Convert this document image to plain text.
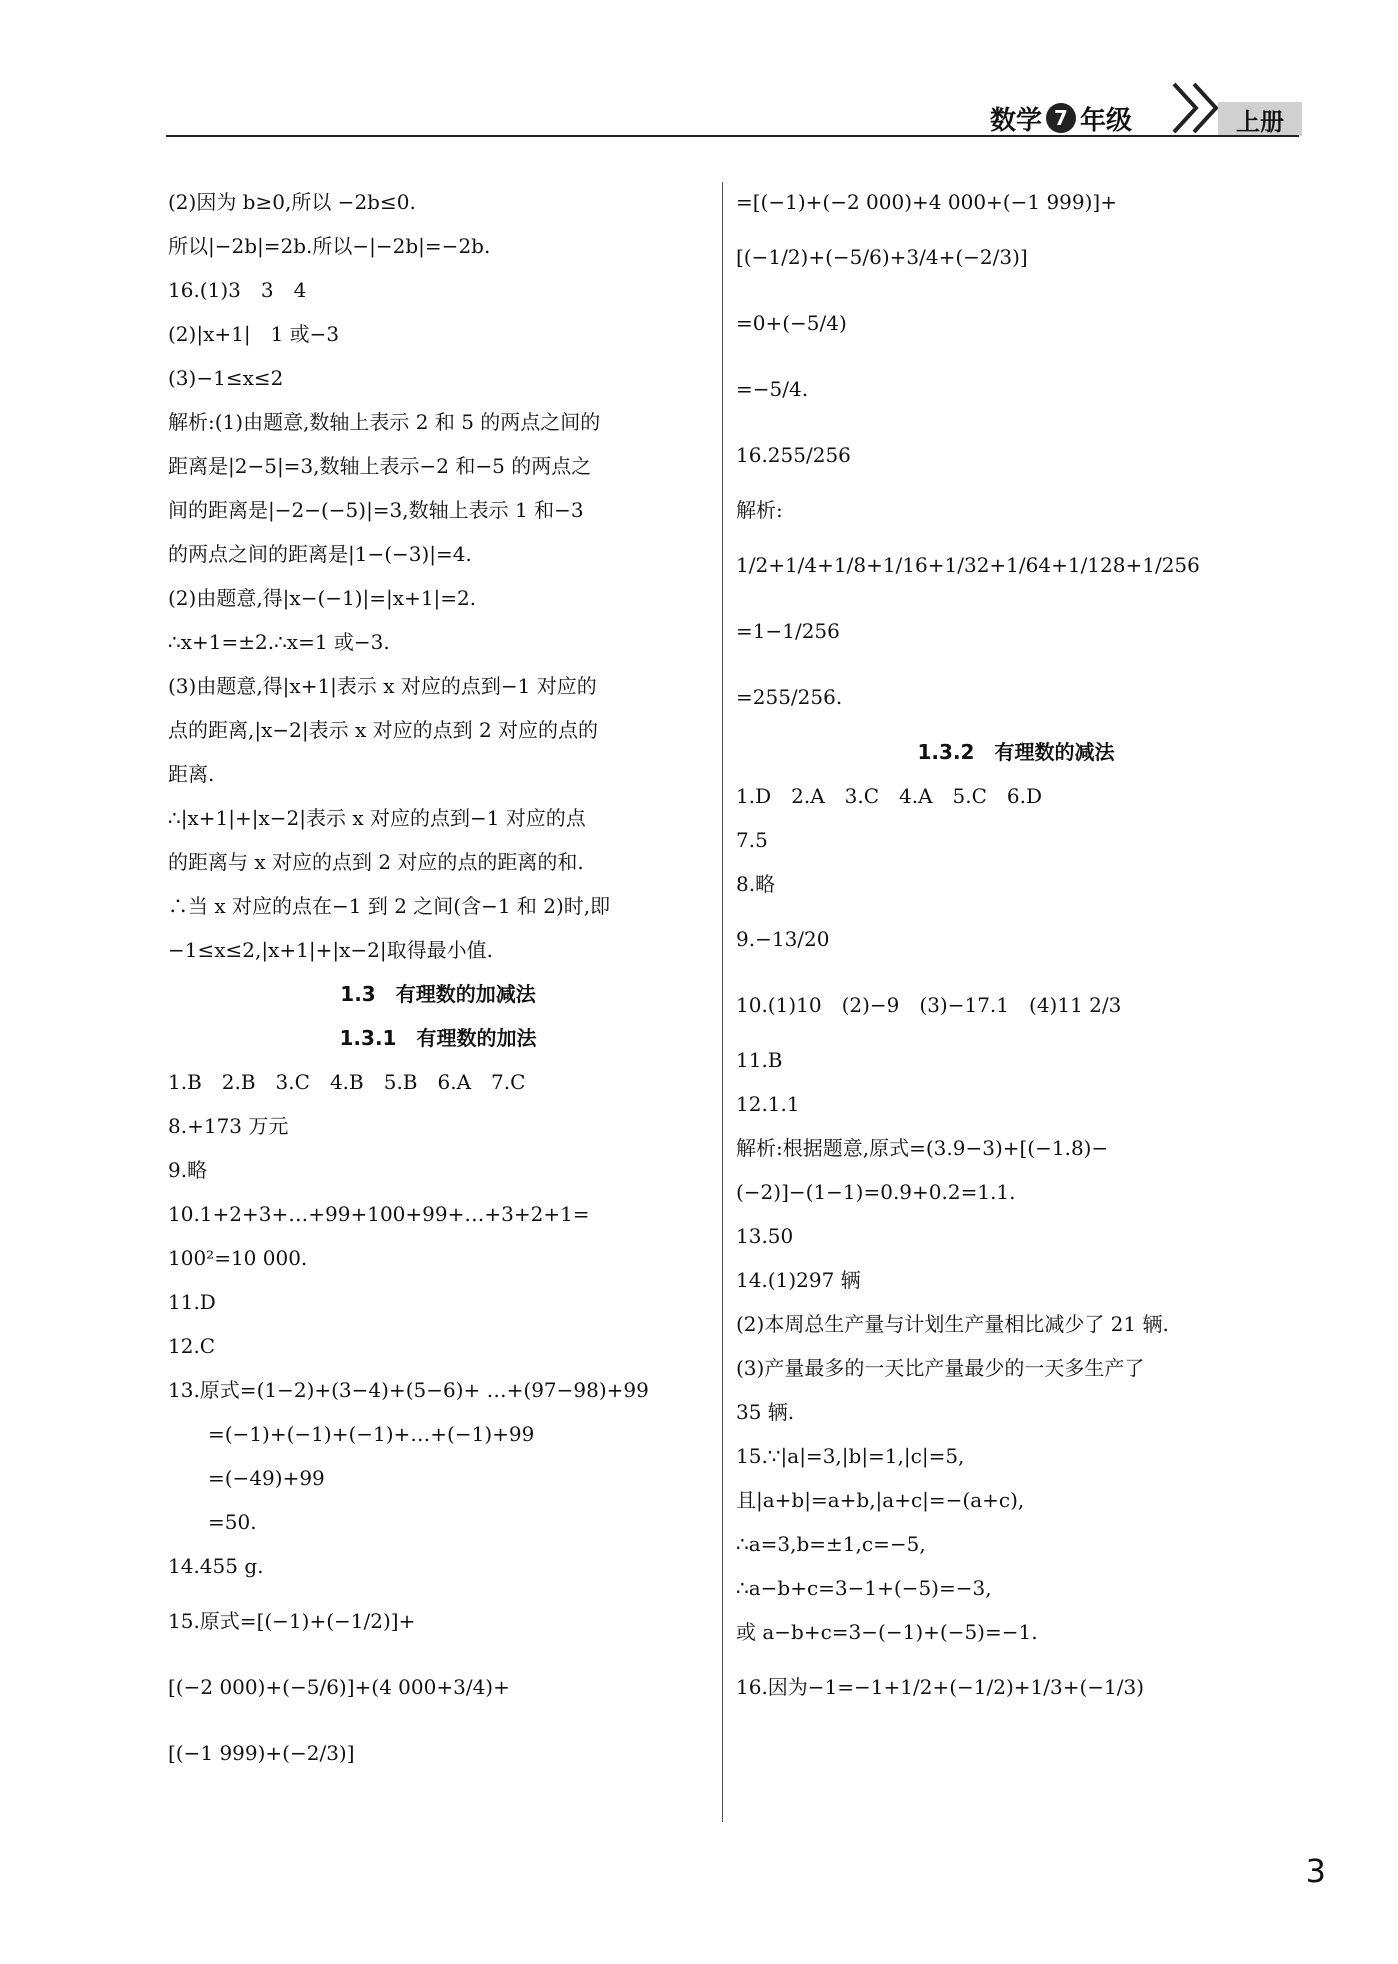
数学 7 年级	上册
(2)因为 b≥0,所以 −2b≤0.
所以|−2b|=2b.所以−|−2b|=−2b.
16.(1)3　3　4
(2)|x+1|　1 或−3
(3)−1≤x≤2
解析:(1)由题意,数轴上表示 2 和 5 的两点之间的
距离是|2−5|=3,数轴上表示−2 和−5 的两点之
间的距离是|−2−(−5)|=3,数轴上表示 1 和−3
的两点之间的距离是|1−(−3)|=4.
(2)由题意,得|x−(−1)|=|x+1|=2.
∴x+1=±2.∴x=1 或−3.
(3)由题意,得|x+1|表示 x 对应的点到−1 对应的
点的距离,|x−2|表示 x 对应的点到 2 对应的点的
距离.
∴|x+1|+|x−2|表示 x 对应的点到−1 对应的点
的距离与 x 对应的点到 2 对应的点的距离的和.
∴当 x 对应的点在−1 到 2 之间(含−1 和 2)时,即
−1≤x≤2,|x+1|+|x−2|取得最小值.
1.3　有理数的加减法
1.3.1　有理数的加法
1.B　2.B　3.C　4.B　5.B　6.A　7.C
8.+173 万元
9.略
10.1+2+3+…+99+100+99+…+3+2+1=
100²=10 000.
11.D
12.C
13.原式=(1−2)+(3−4)+(5−6)+ …+(97−98)+99
　　=(−1)+(−1)+(−1)+…+(−1)+99
　　=(−49)+99
　　=50.
14.455 g.
15.原式=[(−1)+(−1/2)]+
[(−2 000)+(−5/6)]+(4 000+3/4)+
[(−1 999)+(−2/3)]
=[(−1)+(−2 000)+4 000+(−1 999)]+
[(−1/2)+(−5/6)+3/4+(−2/3)]
=0+(−5/4)
=−5/4.
16.255/256
解析:
1/2+1/4+1/8+1/16+1/32+1/64+1/128+1/256
=1−1/256
=255/256.
1.3.2　有理数的减法
1.D　2.A　3.C　4.A　5.C　6.D
7.5
8.略
9.−13/20
10.(1)10　(2)−9　(3)−17.1　(4)11 2/3
11.B
12.1.1
解析:根据题意,原式=(3.9−3)+[(−1.8)−
(−2)]−(1−1)=0.9+0.2=1.1.
13.50
14.(1)297 辆
(2)本周总生产量与计划生产量相比减少了 21 辆.
(3)产量最多的一天比产量最少的一天多生产了
35 辆.
15.∵|a|=3,|b|=1,|c|=5,
且|a+b|=a+b,|a+c|=−(a+c),
∴a=3,b=±1,c=−5,
∴a−b+c=3−1+(−5)=−3,
或 a−b+c=3−(−1)+(−5)=−1.
16.因为−1=−1+1/2+(−1/2)+1/3+(−1/3)
3
